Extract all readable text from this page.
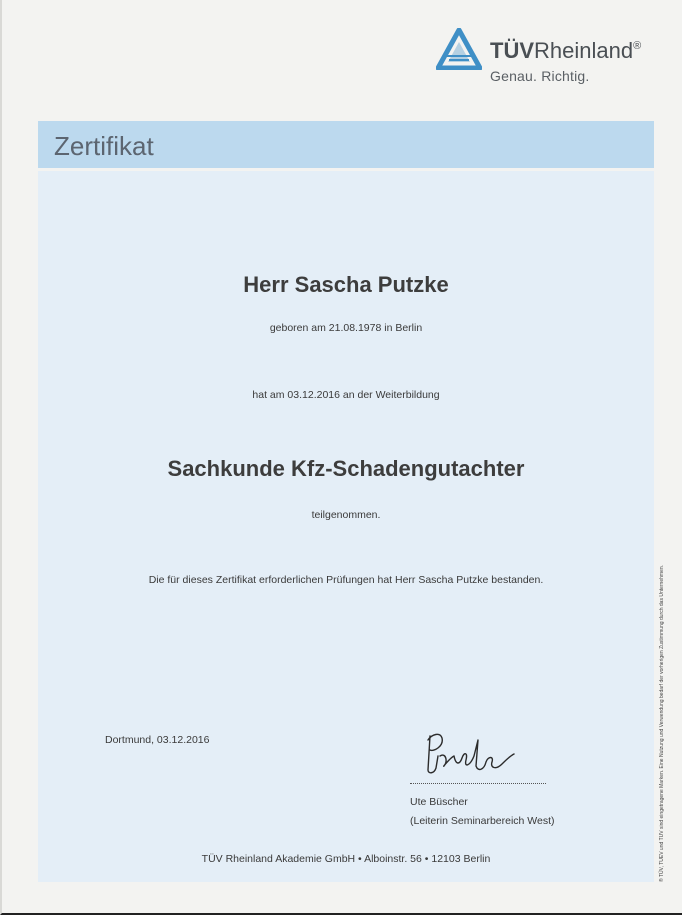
TÜVRheinland®
Genau. Richtig.
Zertifikat
Herr Sascha Putzke
geboren am 21.08.1978 in Berlin
hat am 03.12.2016 an der Weiterbildung
Sachkunde Kfz-Schadengutachter
teilgenommen.
Die für dieses Zertifikat erforderlichen Prüfungen hat Herr Sascha Putzke bestanden.
Dortmund, 03.12.2016
Ute Büscher
(Leiterin Seminarbereich West)
TÜV Rheinland Akademie GmbH • Alboinstr. 56 • 12103 Berlin	® TÜV, TUEV und TUV sind eingetragene Marken. Eine Nutzung und Verwendung bedarf der vorherigen Zustimmung durch das Unternehmen.
